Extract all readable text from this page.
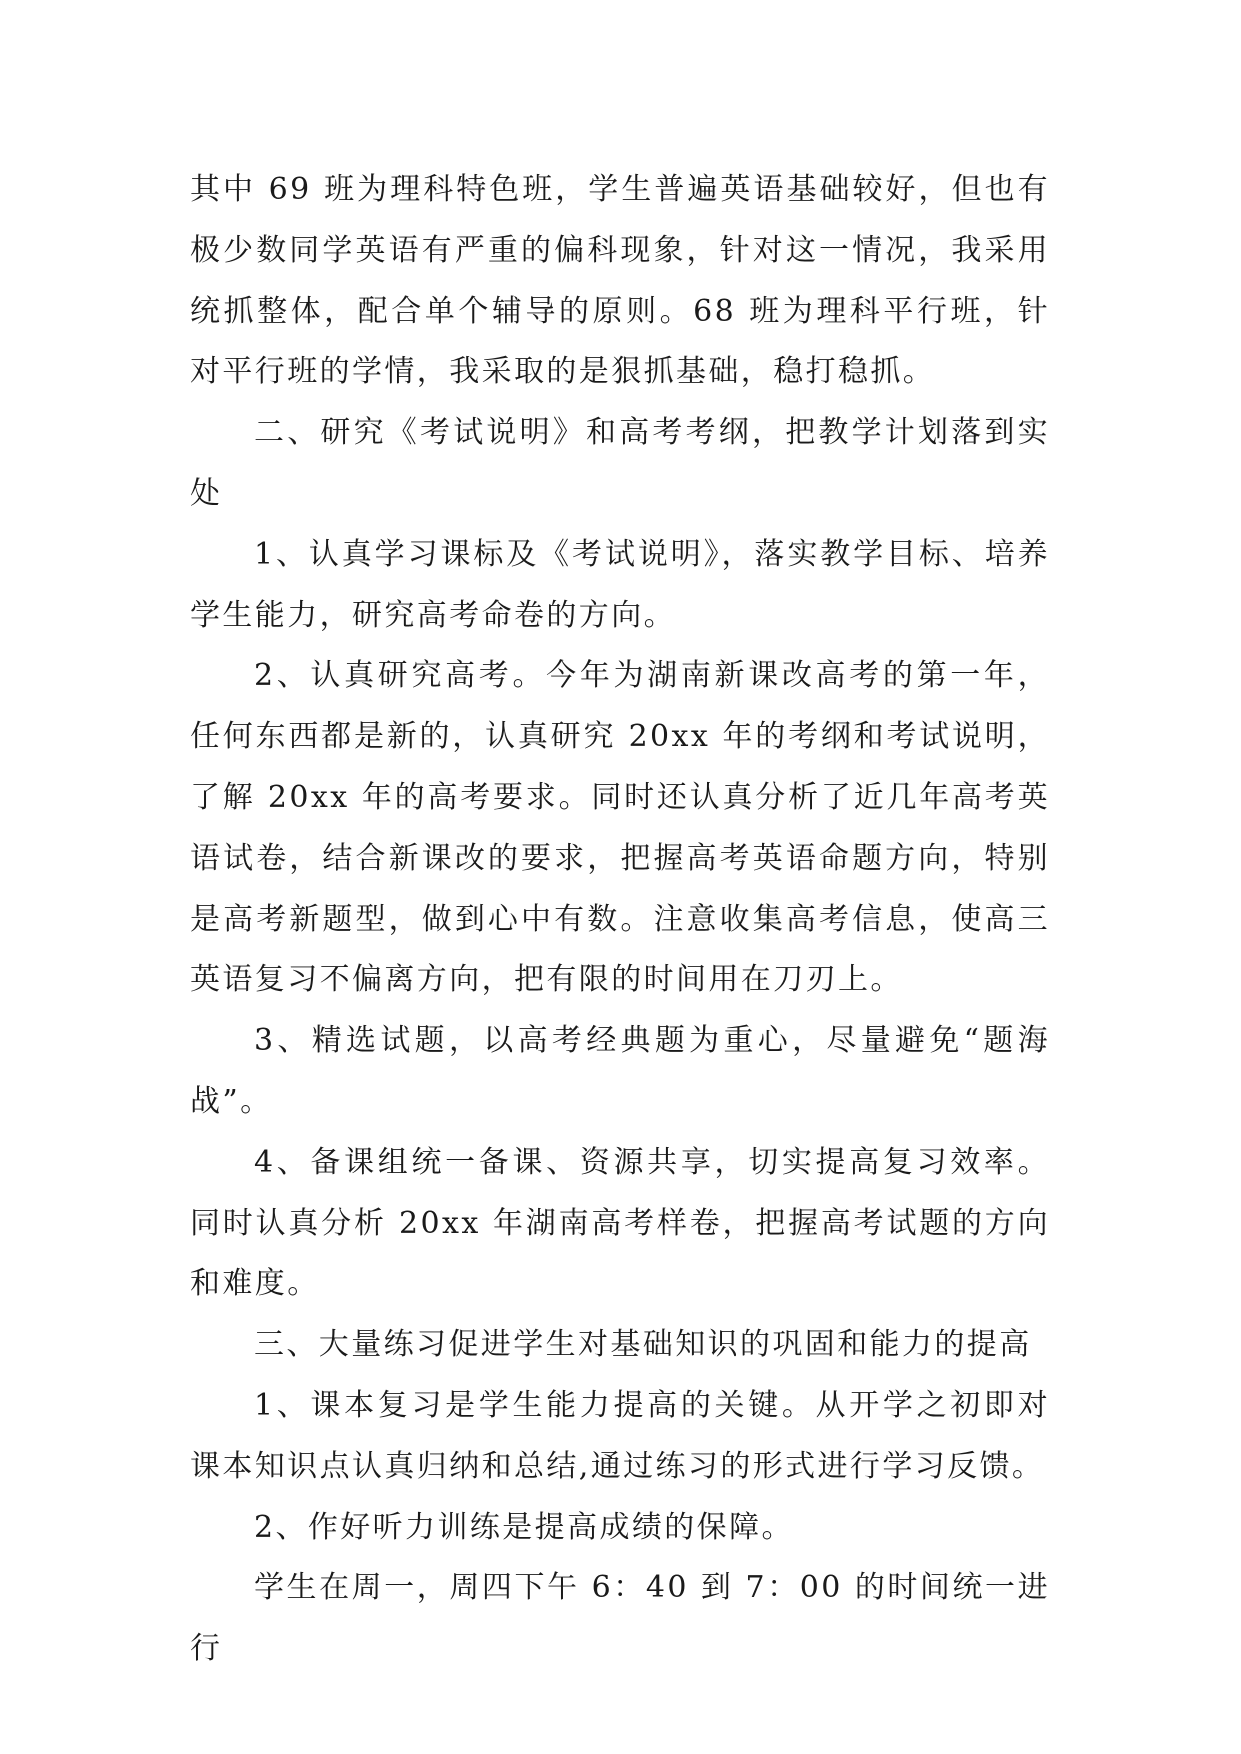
其中 69 班为理科特色班，学生普遍英语基础较好，但也有极少数同学英语有严重的偏科现象，针对这一情况，我采用统抓整体，配合单个辅导的原则。68 班为理科平行班，针对平行班的学情，我采取的是狠抓基础，稳打稳抓。

二、研究《考试说明》和高考考纲，把教学计划落到实处

1、认真学习课标及《考试说明》，落实教学目标、培养学生能力，研究高考命卷的方向。

2、认真研究高考。今年为湖南新课改高考的第一年，任何东西都是新的，认真研究 20xx 年的考纲和考试说明，了解 20xx 年的高考要求。同时还认真分析了近几年高考英语试卷，结合新课改的要求，把握高考英语命题方向，特别是高考新题型，做到心中有数。注意收集高考信息，使高三英语复习不偏离方向，把有限的时间用在刀刃上。

3、精选试题，以高考经典题为重心，尽量避免“题海战”。

4、备课组统一备课、资源共享，切实提高复习效率。同时认真分析 20xx 年湖南高考样卷，把握高考试题的方向和难度。

三、大量练习促进学生对基础知识的巩固和能力的提高

1、课本复习是学生能力提高的关键。从开学之初即对课本知识点认真归纳和总结,通过练习的形式进行学习反馈。

2、作好听力训练是提高成绩的保障。

学生在周一，周四下午 6：40 到 7：00 的时间统一进行
